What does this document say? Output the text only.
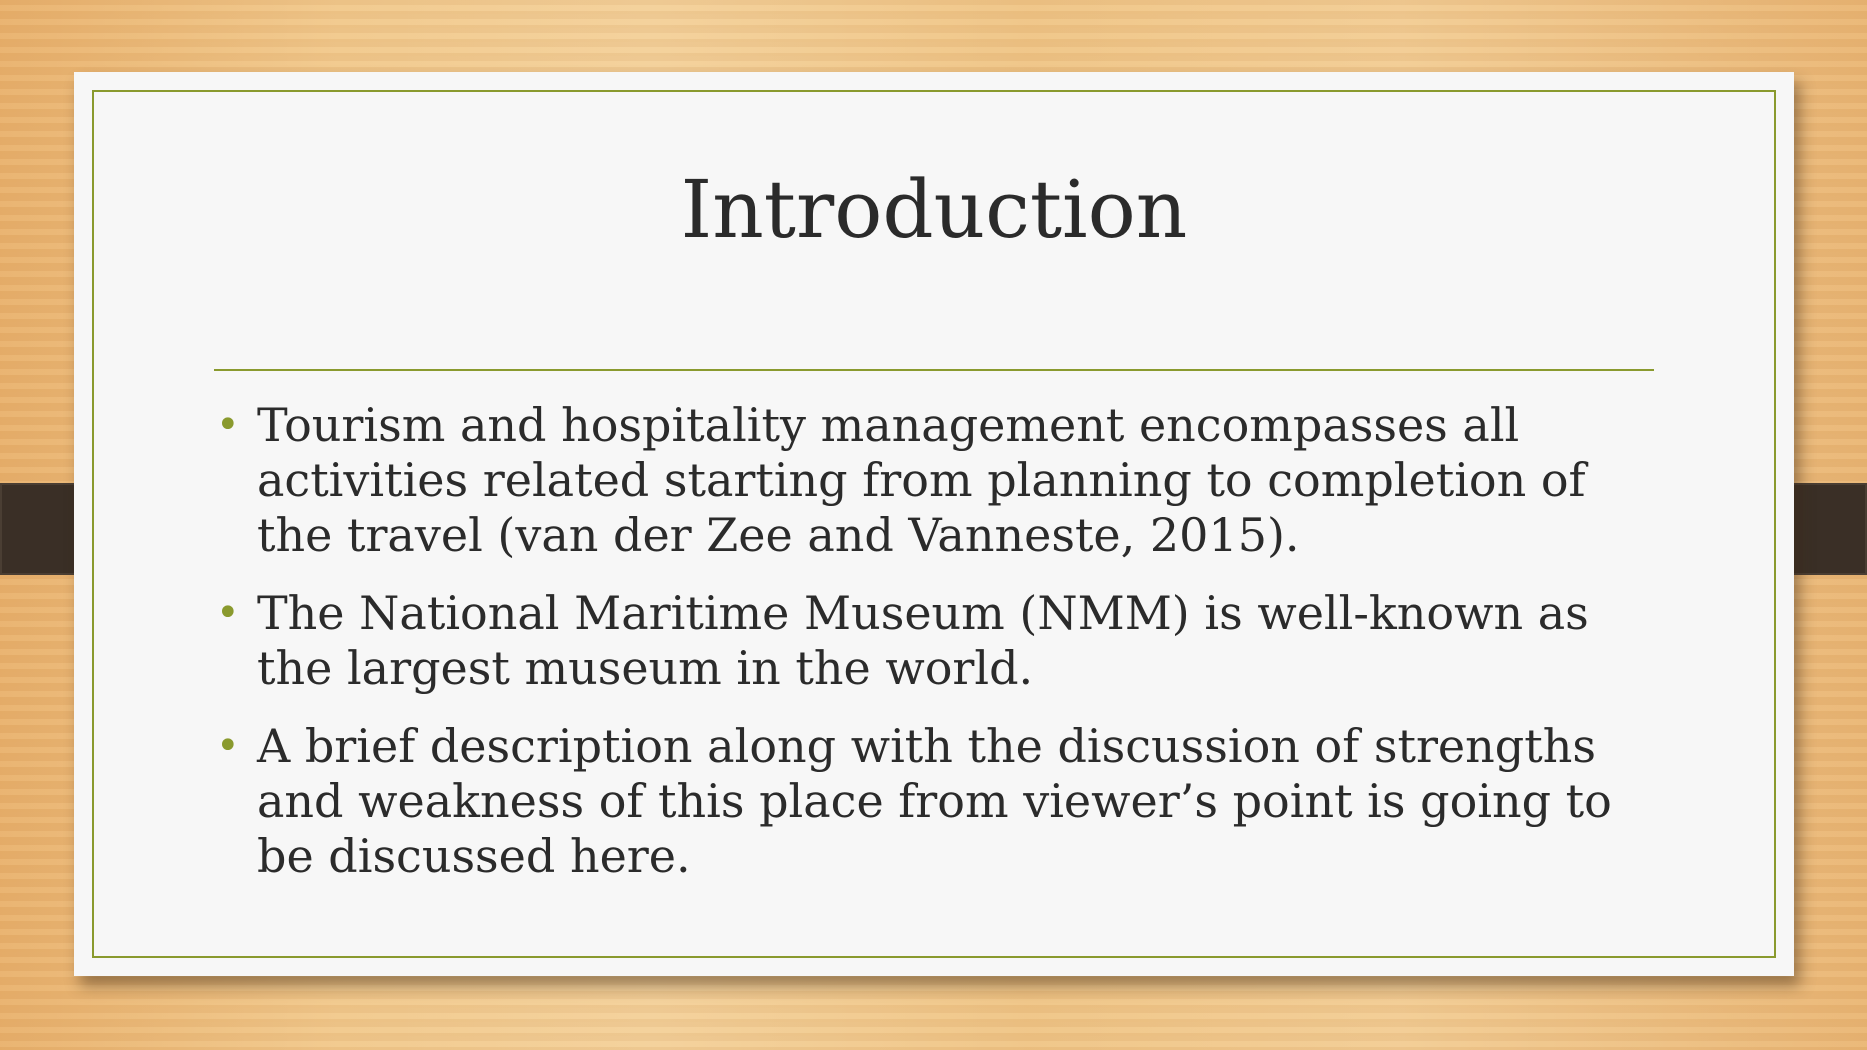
Introduction
• Tourism and hospitality management encompasses all activities related starting from planning to completion of the travel (van der Zee and Vanneste, 2015).
• The National Maritime Museum (NMM) is well-known as the largest museum in the world.
• A brief description along with the discussion of strengths and weakness of this place from viewer’s point is going to be discussed here.
